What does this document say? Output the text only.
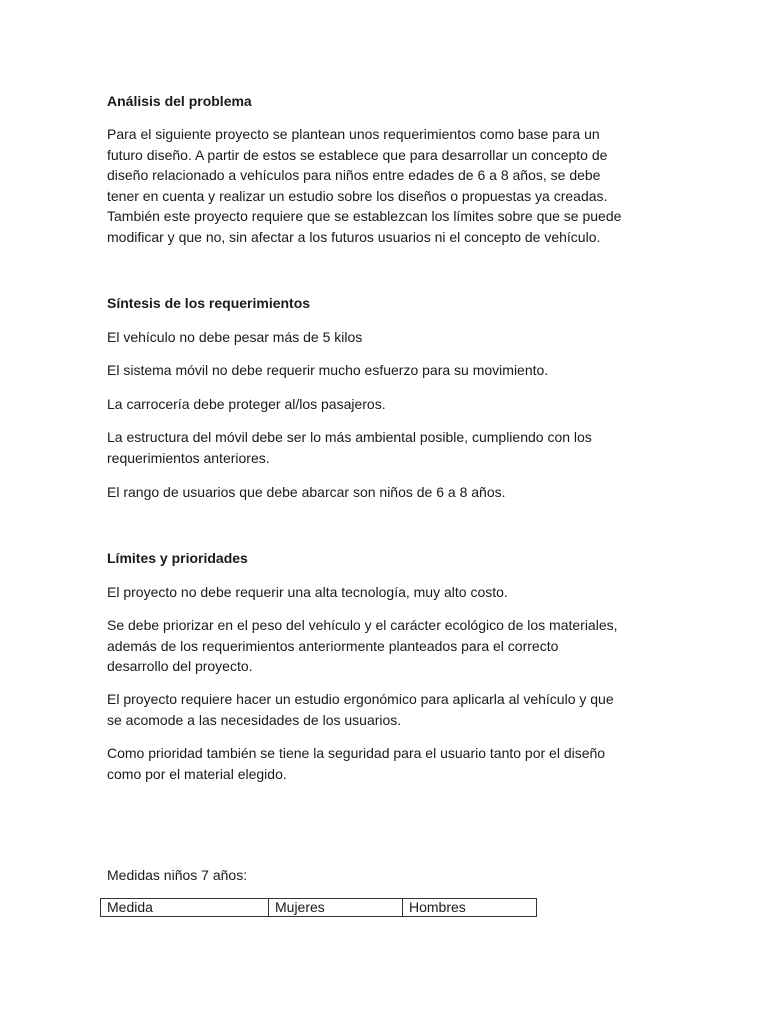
Análisis del problema

Para el siguiente proyecto se plantean unos requerimientos como base para un
futuro diseño. A partir de estos se establece que para desarrollar un concepto de
diseño relacionado a vehículos para niños entre edades de 6 a 8 años, se debe
tener en cuenta y realizar un estudio sobre los diseños o propuestas ya creadas.
También este proyecto requiere que se establezcan los límites sobre que se puede
modificar y que no, sin afectar a los futuros usuarios ni el concepto de vehículo.

Síntesis de los requerimientos

El vehículo no debe pesar más de 5 kilos

El sistema móvil no debe requerir mucho esfuerzo para su movimiento.

La carrocería debe proteger al/los pasajeros.

La estructura del móvil debe ser lo más ambiental posible, cumpliendo con los
requerimientos anteriores.

El rango de usuarios que debe abarcar son niños de 6 a 8 años.

Límites y prioridades

El proyecto no debe requerir una alta tecnología, muy alto costo.

Se debe priorizar en el peso del vehículo y el carácter ecológico de los materiales,
además de los requerimientos anteriormente planteados para el correcto
desarrollo del proyecto.

El proyecto requiere hacer un estudio ergonómico para aplicarla al vehículo y que
se acomode a las necesidades de los usuarios.

Como prioridad también se tiene la seguridad para el usuario tanto por el diseño
como por el material elegido.

Medidas niños 7 años:

Medida	Mujeres	Hombres
